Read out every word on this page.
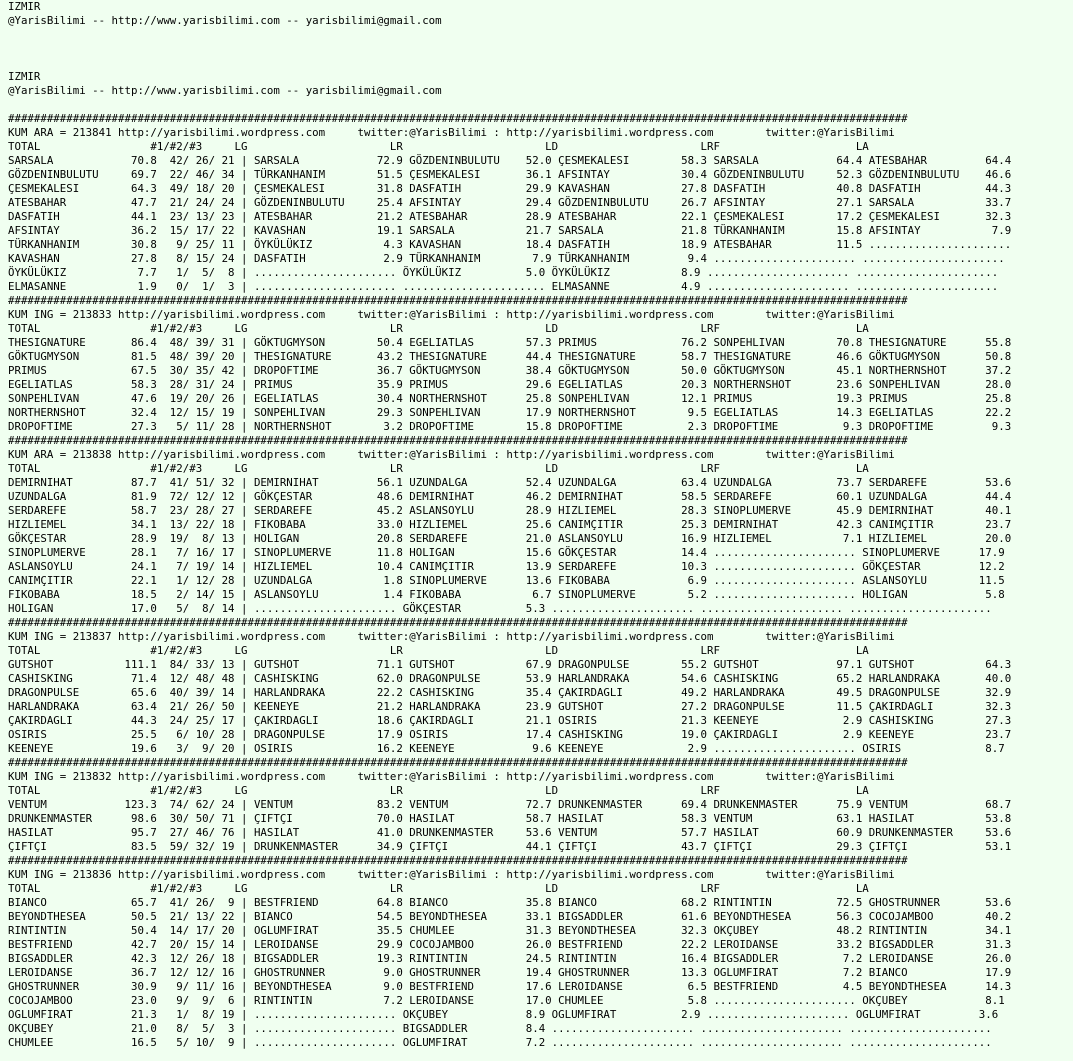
IZMIR
@YarisBilimi -- http://www.yarisbilimi.com -- yarisbilimi@gmail.com
IZMIR
@YarisBilimi -- http://www.yarisbilimi.com -- yarisbilimi@gmail.com
###########################################################################################################################################
KUM ARA = 213841 http://yarisbilimi.wordpress.com     twitter:@YarisBilimi : http://yarisbilimi.wordpress.com        twitter:@YarisBilimi
TOTAL                 #1/#2/#3     LG                      LR                      LD                      LRF                     LA
SARSALA            70.8  42/ 26/ 21 | SARSALA            72.9 GÖZDENINBULUTU    52.0 ÇESMEKALESI        58.3 SARSALA            64.4 ATESBAHAR         64.4
GÖZDENINBULUTU     69.7  22/ 46/ 34 | TÜRKANHANIM        51.5 ÇESMEKALESI       36.1 AFSINTAY           30.4 GÖZDENINBULUTU     52.3 GÖZDENINBULUTU    46.6
ÇESMEKALESI        64.3  49/ 18/ 20 | ÇESMEKALESI        31.8 DASFATIH          29.9 KAVASHAN           27.8 DASFATIH           40.8 DASFATIH          44.3
ATESBAHAR          47.7  21/ 24/ 24 | GÖZDENINBULUTU     25.4 AFSINTAY          29.4 GÖZDENINBULUTU     26.7 AFSINTAY           27.1 SARSALA           33.7
DASFATIH           44.1  23/ 13/ 23 | ATESBAHAR          21.2 ATESBAHAR         28.9 ATESBAHAR          22.1 ÇESMEKALESI        17.2 ÇESMEKALESI       32.3
AFSINTAY           36.2  15/ 17/ 22 | KAVASHAN           19.1 SARSALA           21.7 SARSALA            21.8 TÜRKANHANIM        15.8 AFSINTAY           7.9
TÜRKANHANIM        30.8   9/ 25/ 11 | ÖYKÜLÜKIZ           4.3 KAVASHAN          18.4 DASFATIH           18.9 ATESBAHAR          11.5 ......................
KAVASHAN           27.8   8/ 15/ 24 | DASFATIH            2.9 TÜRKANHANIM        7.9 TÜRKANHANIM         9.4 ...................... ......................
ÖYKÜLÜKIZ           7.7   1/  5/  8 | ...................... ÖYKÜLÜKIZ          5.0 ÖYKÜLÜKIZ           8.9 ...................... ......................
ELMASANNE           1.9   0/  1/  3 | ...................... ...................... ELMASANNE           4.9 ...................... ......................
###########################################################################################################################################
KUM ING = 213833 http://yarisbilimi.wordpress.com     twitter:@YarisBilimi : http://yarisbilimi.wordpress.com        twitter:@YarisBilimi
TOTAL                 #1/#2/#3     LG                      LR                      LD                      LRF                     LA
THESIGNATURE       86.4  48/ 39/ 31 | GÖKTUGMYSON        50.4 EGELIATLAS        57.3 PRIMUS             76.2 SONPEHLIVAN        70.8 THESIGNATURE      55.8
GÖKTUGMYSON        81.5  48/ 39/ 20 | THESIGNATURE       43.2 THESIGNATURE      44.4 THESIGNATURE       58.7 THESIGNATURE       46.6 GÖKTUGMYSON       50.8
PRIMUS             67.5  30/ 35/ 42 | DROPOFTIME         36.7 GÖKTUGMYSON       38.4 GÖKTUGMYSON        50.0 GÖKTUGMYSON        45.1 NORTHERNSHOT      37.2
EGELIATLAS         58.3  28/ 31/ 24 | PRIMUS             35.9 PRIMUS            29.6 EGELIATLAS         20.3 NORTHERNSHOT       23.6 SONPEHLIVAN       28.0
SONPEHLIVAN        47.6  19/ 20/ 26 | EGELIATLAS         30.4 NORTHERNSHOT      25.8 SONPEHLIVAN        12.1 PRIMUS             19.3 PRIMUS            25.8
NORTHERNSHOT       32.4  12/ 15/ 19 | SONPEHLIVAN        29.3 SONPEHLIVAN       17.9 NORTHERNSHOT        9.5 EGELIATLAS         14.3 EGELIATLAS        22.2
DROPOFTIME         27.3   5/ 11/ 28 | NORTHERNSHOT        3.2 DROPOFTIME        15.8 DROPOFTIME          2.3 DROPOFTIME          9.3 DROPOFTIME         9.3
###########################################################################################################################################
KUM ARA = 213838 http://yarisbilimi.wordpress.com     twitter:@YarisBilimi : http://yarisbilimi.wordpress.com        twitter:@YarisBilimi
TOTAL                 #1/#2/#3     LG                      LR                      LD                      LRF                     LA
DEMIRNIHAT         87.7  41/ 51/ 32 | DEMIRNIHAT         56.1 UZUNDALGA         52.4 UZUNDALGA          63.4 UZUNDALGA          73.7 SERDAREFE         53.6
UZUNDALGA          81.9  72/ 12/ 12 | GÖKÇESTAR          48.6 DEMIRNIHAT        46.2 DEMIRNIHAT         58.5 SERDAREFE          60.1 UZUNDALGA         44.4
SERDAREFE          58.7  23/ 28/ 27 | SERDAREFE          45.2 ASLANSOYLU        28.9 HIZLIEMEL          28.3 SINOPLUMERVE       45.9 DEMIRNIHAT        40.1
HIZLIEMEL          34.1  13/ 22/ 18 | FIKOBABA           33.0 HIZLIEMEL         25.6 CANIMÇITIR         25.3 DEMIRNIHAT         42.3 CANIMÇITIR        23.7
GÖKÇESTAR          28.9  19/  8/ 13 | HOLIGAN            20.8 SERDAREFE         21.0 ASLANSOYLU         16.9 HIZLIEMEL           7.1 HIZLIEMEL         20.0
SINOPLUMERVE       28.1   7/ 16/ 17 | SINOPLUMERVE       11.8 HOLIGAN           15.6 GÖKÇESTAR          14.4 ...................... SINOPLUMERVE      17.9
ASLANSOYLU         24.1   7/ 19/ 14 | HIZLIEMEL          10.4 CANIMÇITIR        13.9 SERDAREFE          10.3 ...................... GÖKÇESTAR         12.2
CANIMÇITIR         22.1   1/ 12/ 28 | UZUNDALGA           1.8 SINOPLUMERVE      13.6 FIKOBABA            6.9 ...................... ASLANSOYLU        11.5
FIKOBABA           18.5   2/ 14/ 15 | ASLANSOYLU          1.4 FIKOBABA           6.7 SINOPLUMERVE        5.2 ...................... HOLIGAN            5.8
HOLIGAN            17.0   5/  8/ 14 | ...................... GÖKÇESTAR          5.3 ...................... ...................... ......................
###########################################################################################################################################
KUM ING = 213837 http://yarisbilimi.wordpress.com     twitter:@YarisBilimi : http://yarisbilimi.wordpress.com        twitter:@YarisBilimi
TOTAL                 #1/#2/#3     LG                      LR                      LD                      LRF                     LA
GUTSHOT           111.1  84/ 33/ 13 | GUTSHOT            71.1 GUTSHOT           67.9 DRAGONPULSE        55.2 GUTSHOT            97.1 GUTSHOT           64.3
CASHISKING         71.4  12/ 48/ 48 | CASHISKING         62.0 DRAGONPULSE       53.9 HARLANDRAKA        54.6 CASHISKING         65.2 HARLANDRAKA       40.0
DRAGONPULSE        65.6  40/ 39/ 14 | HARLANDRAKA        22.2 CASHISKING        35.4 ÇAKIRDAGLI         49.2 HARLANDRAKA        49.5 DRAGONPULSE       32.9
HARLANDRAKA        63.4  21/ 26/ 50 | KEENEYE            21.2 HARLANDRAKA       23.9 GUTSHOT            27.2 DRAGONPULSE        11.5 ÇAKIRDAGLI        32.3
ÇAKIRDAGLI         44.3  24/ 25/ 17 | ÇAKIRDAGLI         18.6 ÇAKIRDAGLI        21.1 OSIRIS             21.3 KEENEYE             2.9 CASHISKING        27.3
OSIRIS             25.5   6/ 10/ 28 | DRAGONPULSE        17.9 OSIRIS            17.4 CASHISKING         19.0 ÇAKIRDAGLI          2.9 KEENEYE           23.7
KEENEYE            19.6   3/  9/ 20 | OSIRIS             16.2 KEENEYE            9.6 KEENEYE             2.9 ...................... OSIRIS             8.7
###########################################################################################################################################
KUM ING = 213832 http://yarisbilimi.wordpress.com     twitter:@YarisBilimi : http://yarisbilimi.wordpress.com        twitter:@YarisBilimi
TOTAL                 #1/#2/#3     LG                      LR                      LD                      LRF                     LA
VENTUM            123.3  74/ 62/ 24 | VENTUM             83.2 VENTUM            72.7 DRUNKENMASTER      69.4 DRUNKENMASTER      75.9 VENTUM            68.7
DRUNKENMASTER      98.6  30/ 50/ 71 | ÇIFTÇI             70.0 HASILAT           58.7 HASILAT            58.3 VENTUM             63.1 HASILAT           53.8
HASILAT            95.7  27/ 46/ 76 | HASILAT            41.0 DRUNKENMASTER     53.6 VENTUM             57.7 HASILAT            60.9 DRUNKENMASTER     53.6
ÇIFTÇI             83.5  59/ 32/ 19 | DRUNKENMASTER      34.9 ÇIFTÇI            44.1 ÇIFTÇI             43.7 ÇIFTÇI             29.3 ÇIFTÇI            53.1
###########################################################################################################################################
KUM ING = 213836 http://yarisbilimi.wordpress.com     twitter:@YarisBilimi : http://yarisbilimi.wordpress.com        twitter:@YarisBilimi
TOTAL                 #1/#2/#3     LG                      LR                      LD                      LRF                     LA
BIANCO             65.7  41/ 26/  9 | BESTFRIEND         64.8 BIANCO            35.8 BIANCO             68.2 RINTINTIN          72.5 GHOSTRUNNER       53.6
BEYONDTHESEA       50.5  21/ 13/ 22 | BIANCO             54.5 BEYONDTHESEA      33.1 BIGSADDLER         61.6 BEYONDTHESEA       56.3 COCOJAMBOO        40.2
RINTINTIN          50.4  14/ 17/ 20 | OGLUMFIRAT         35.5 CHUMLEE           31.3 BEYONDTHESEA       32.3 OKÇUBEY            48.2 RINTINTIN         34.1
BESTFRIEND         42.7  20/ 15/ 14 | LEROIDANSE         29.9 COCOJAMBOO        26.0 BESTFRIEND         22.2 LEROIDANSE         33.2 BIGSADDLER        31.3
BIGSADDLER         42.3  12/ 26/ 18 | BIGSADDLER         19.3 RINTINTIN         24.5 RINTINTIN          16.4 BIGSADDLER          7.2 LEROIDANSE        26.0
LEROIDANSE         36.7  12/ 12/ 16 | GHOSTRUNNER         9.0 GHOSTRUNNER       19.4 GHOSTRUNNER        13.3 OGLUMFIRAT          7.2 BIANCO            17.9
GHOSTRUNNER        30.9   9/ 11/ 16 | BEYONDTHESEA        9.0 BESTFRIEND        17.6 LEROIDANSE          6.5 BESTFRIEND          4.5 BEYONDTHESEA      14.3
COCOJAMBOO         23.0   9/  9/  6 | RINTINTIN           7.2 LEROIDANSE        17.0 CHUMLEE             5.8 ...................... OKÇUBEY            8.1
OGLUMFIRAT         21.3   1/  8/ 19 | ...................... OKÇUBEY            8.9 OGLUMFIRAT          2.9 ...................... OGLUMFIRAT         3.6
OKÇUBEY            21.0   8/  5/  3 | ...................... BIGSADDLER         8.4 ...................... ...................... ......................
CHUMLEE            16.5   5/ 10/  9 | ...................... OGLUMFIRAT         7.2 ...................... ...................... ......................
